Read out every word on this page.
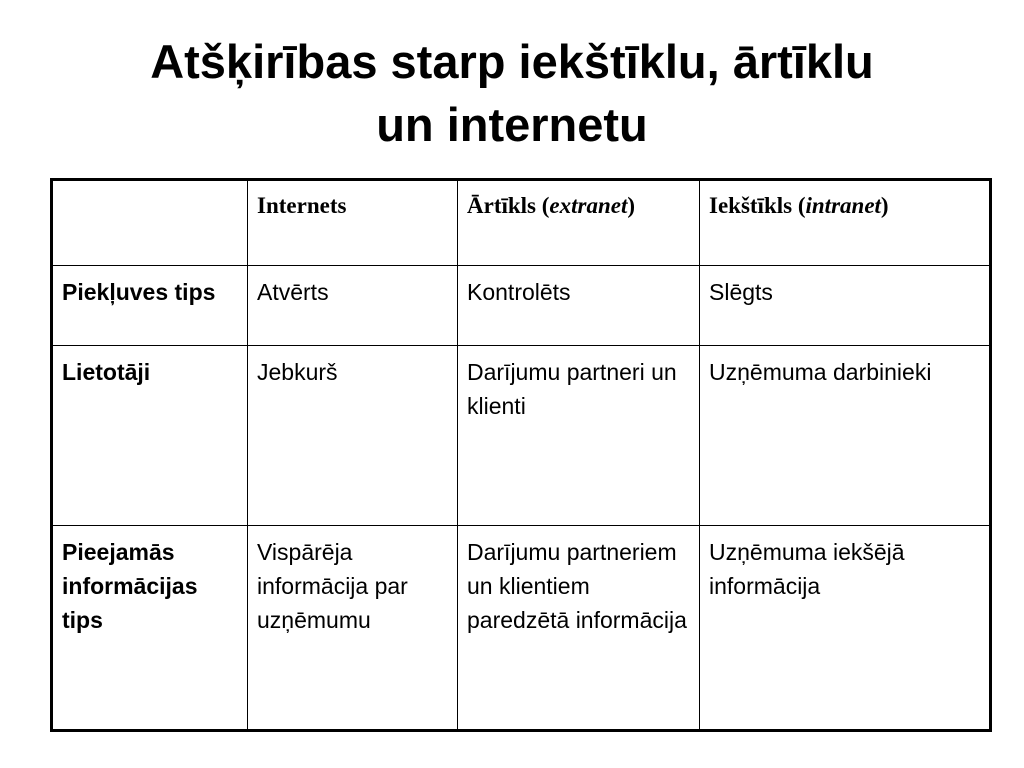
Atšķirības starp iekštīklu, ārtīklu
un internetu
	Internets	Ārtīkls (extranet)	Iekštīkls (intranet)
Piekļuves tips	Atvērts	Kontrolēts	Slēgts
Lietotāji	Jebkurš	Darījumu partneri un klienti	Uzņēmuma darbinieki
Pieejamās informācijas tips	Vispārēja informācija par uzņēmumu	Darījumu partneriem un klientiem paredzētā informācija	Uzņēmuma iekšējā informācija
